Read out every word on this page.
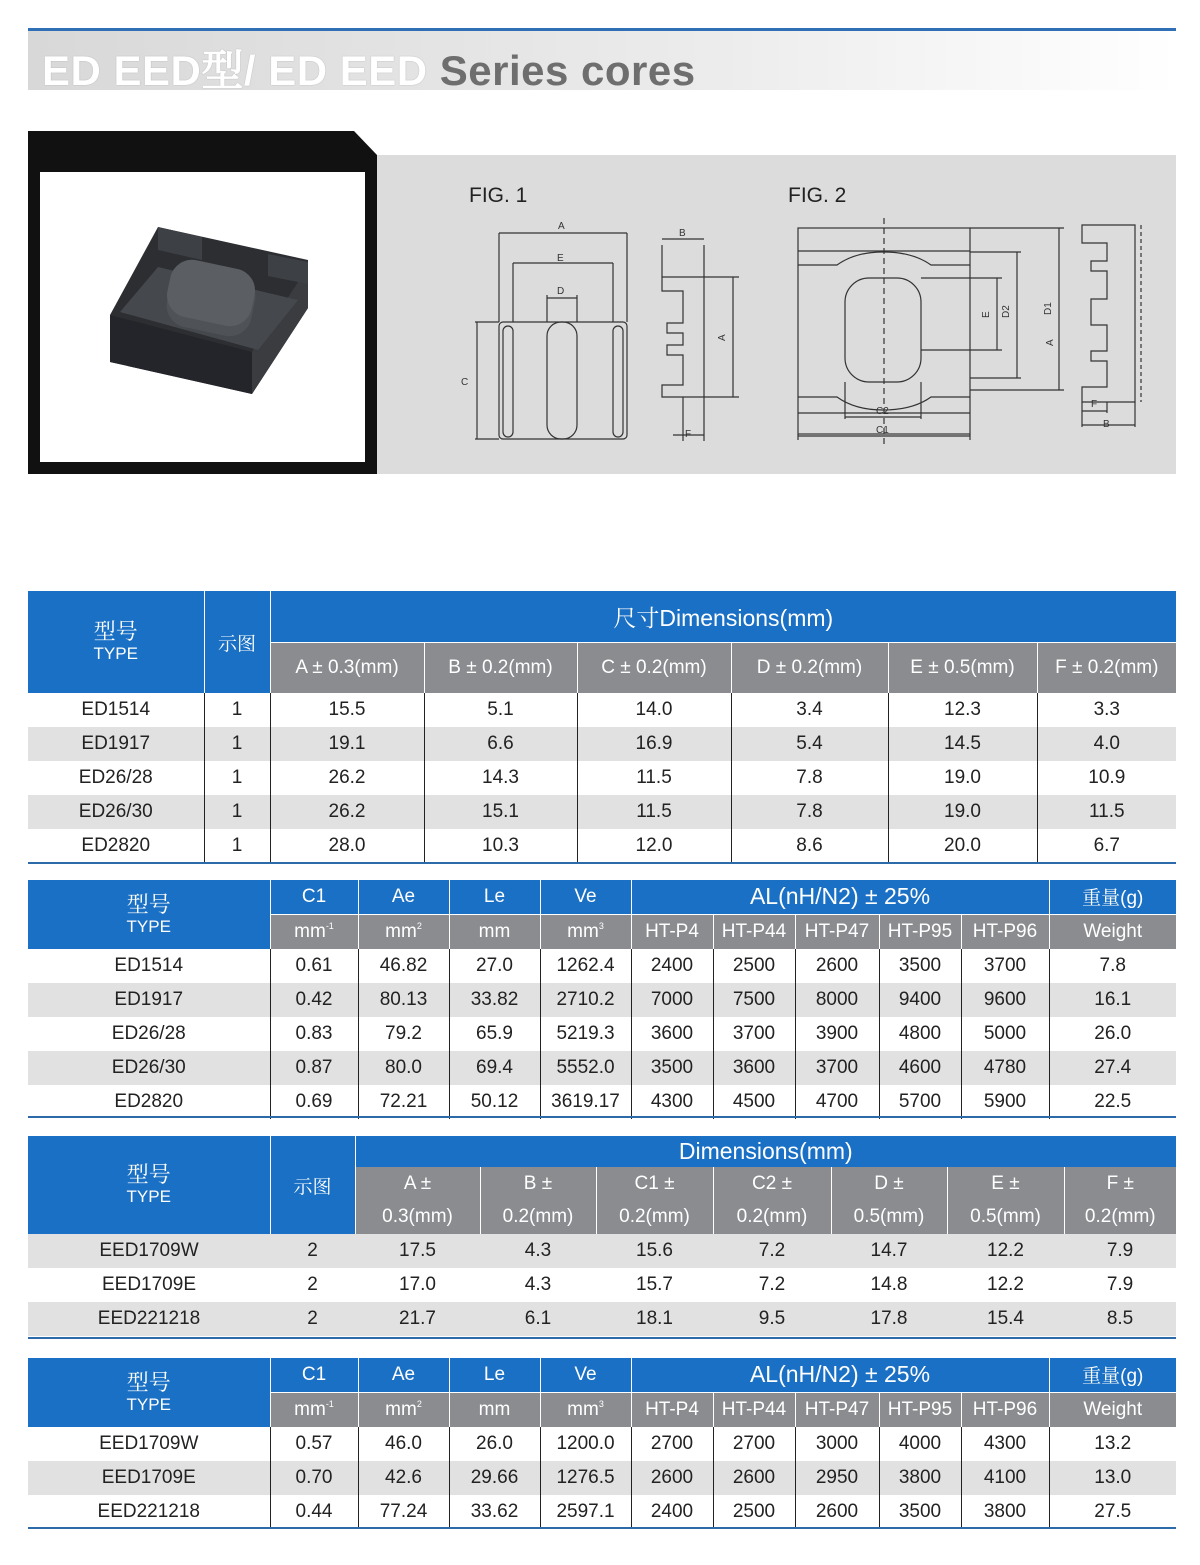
ED EED型/ ED EED Series cores
FIG. 1	FIG. 2
A
E
D
B
C
A
F
C2
C1
E D2	D1
A
F
B
型号
TYPE	示图	尺寸Dimensions(mm)					
		A ± 0.3(mm)	B ± 0.2(mm)	C ± 0.2(mm)	D ± 0.2(mm)	E ± 0.5(mm)	F ± 0.2(mm)
ED1514	1	15.5	5.1	14.0	3.4	12.3	3.3
ED1917	1	19.1	6.6	16.9	5.4	14.5	4.0
ED26/28	1	26.2	14.3	11.5	7.8	19.0	10.9
ED26/30	1	26.2	15.1	11.5	7.8	19.0	11.5
ED2820	1	28.0	10.3	12.0	8.6	20.0	6.7
型号
TYPE	C1	Ae	Le	Ve	AL(nH/N2) ± 25%					重量(g)
	$mm^{-1}$	$mm^2$	mm	$mm^3$	HT-P4	HT-P44	HT-P47	HT-P95	HT-P96	Weight
ED1514	0.61	46.82	27.0	1262.4	2400	2500	2600	3500	3700	7.8
ED1917	0.42	80.13	33.82	2710.2	7000	7500	8000	9400	9600	16.1
ED26/28	0.83	79.2	65.9	5219.3	3600	3700	3900	4800	5000	26.0
ED26/30	0.87	80.0	69.4	5552.0	3500	3600	3700	4600	4780	27.4
ED2820	0.69	72.21	50.12	3619.17	4300	4500	4700	5700	5900	22.5
型号
TYPE	示图	Dimensions(mm)						
		A ±	B ±	C1 ±	C2 ±	D ±	E ±	F ±
		0.3(mm)	0.2(mm)	0.2(mm)	0.2(mm)	0.5(mm)	0.5(mm)	0.2(mm)
EED1709W	2	17.5	4.3	15.6	7.2	14.7	12.2	7.9
EED1709E	2	17.0	4.3	15.7	7.2	14.8	12.2	7.9
EED221218	2	21.7	6.1	18.1	9.5	17.8	15.4	8.5
型号
TYPE	C1	Ae	Le	Ve	AL(nH/N2) ± 25%					重量(g)
	$mm^{-1}$	$mm^2$	mm	$mm^3$	HT-P4	HT-P44	HT-P47	HT-P95	HT-P96	Weight
EED1709W	0.57	46.0	26.0	1200.0	2700	2700	3000	4000	4300	13.2
EED1709E	0.70	42.6	29.66	1276.5	2600	2600	2950	3800	4100	13.0
EED221218	0.44	77.24	33.62	2597.1	2400	2500	2600	3500	3800	27.5
